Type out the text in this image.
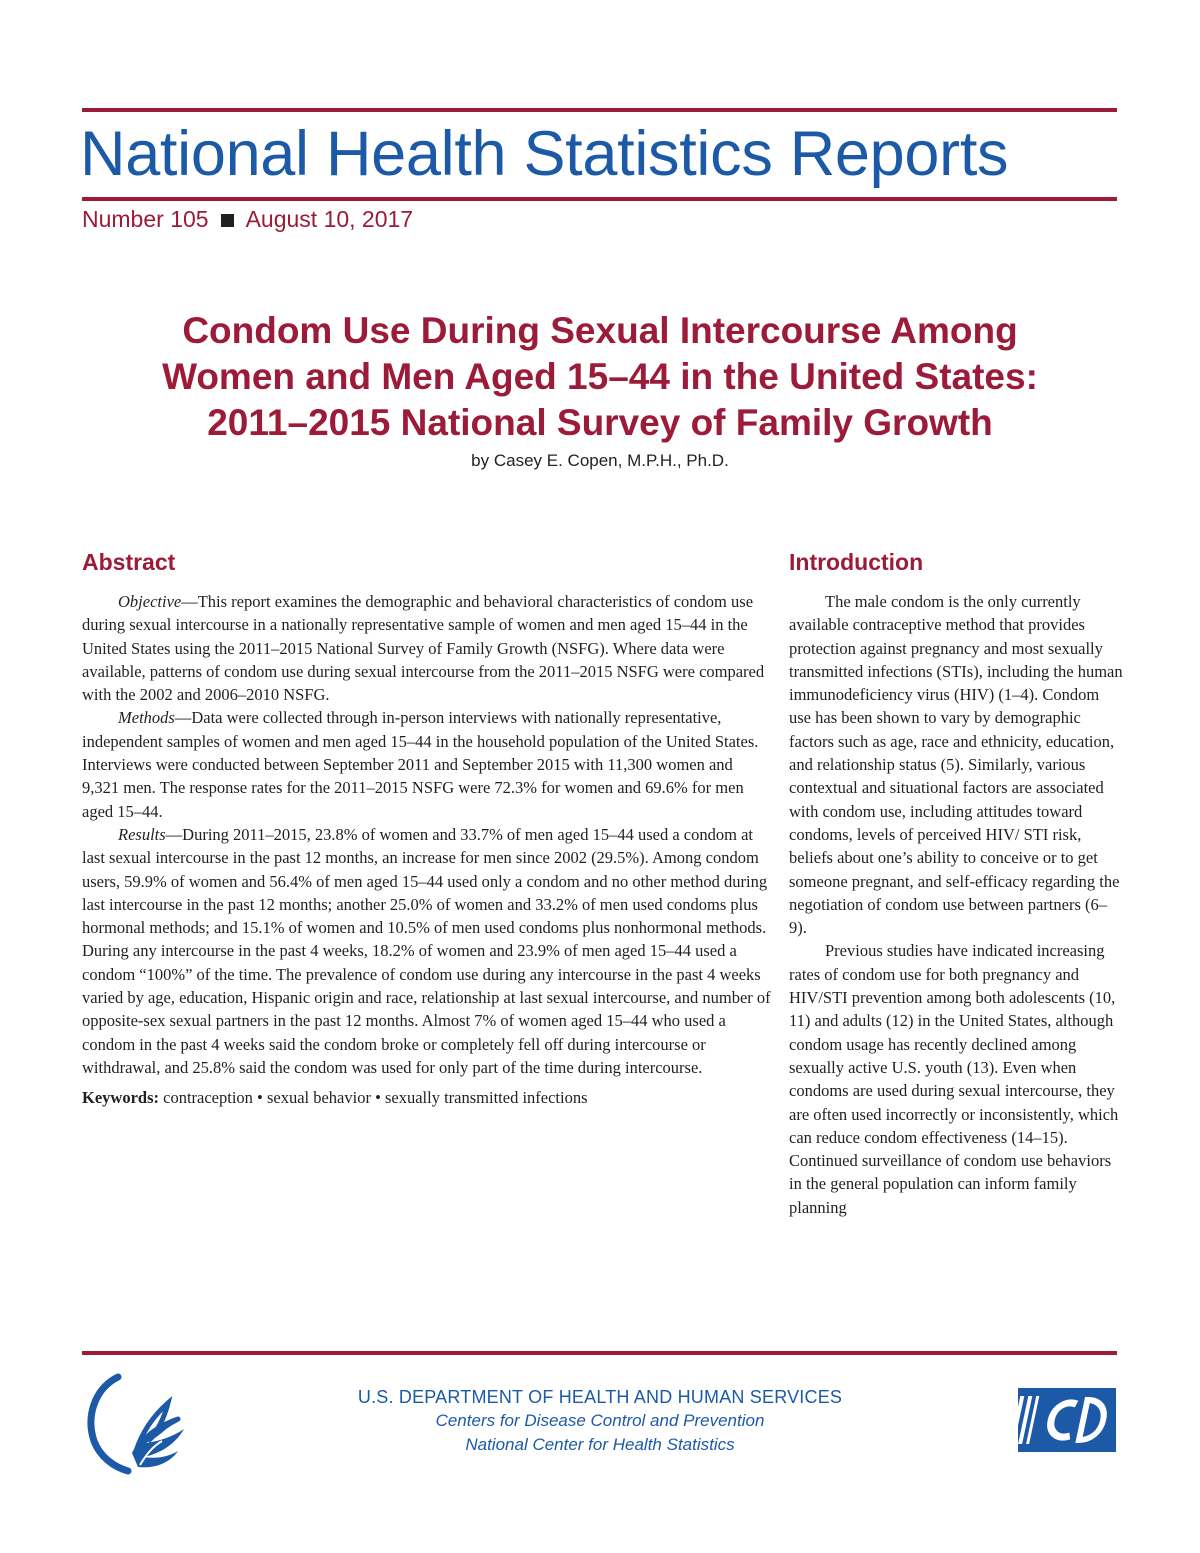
National Health Statistics Reports
Number 105 August 10, 2017
Condom Use During Sexual Intercourse Among
Women and Men Aged 15–44 in the United States:
2011–2015 National Survey of Family Growth
by Casey E. Copen, M.P.H., Ph.D.
Abstract

Objective—This report examines the demographic and behavioral characteristics of condom use during sexual intercourse in a nationally representative sample of women and men aged 15–44 in the United States using the 2011–2015 National Survey of Family Growth (NSFG). Where data were available, patterns of condom use during sexual intercourse from the 2011–2015 NSFG were compared with the 2002 and 2006–2010 NSFG.

Methods—Data were collected through in-person interviews with nationally representative, independent samples of women and men aged 15–44 in the household population of the United States. Interviews were conducted between September 2011 and September 2015 with 11,300 women and 9,321 men. The response rates for the 2011–2015 NSFG were 72.3% for women and 69.6% for men aged 15–44.

Results—During 2011–2015, 23.8% of women and 33.7% of men aged 15–44 used a condom at last sexual intercourse in the past 12 months, an increase for men since 2002 (29.5%). Among condom users, 59.9% of women and 56.4% of men aged 15–44 used only a condom and no other method during last intercourse in the past 12 months; another 25.0% of women and 33.2% of men used condoms plus hormonal methods; and 15.1% of women and 10.5% of men used condoms plus nonhormonal methods. During any intercourse in the past 4 weeks, 18.2% of women and 23.9% of men aged 15–44 used a condom “100%” of the time. The prevalence of condom use during any intercourse in the past 4 weeks varied by age, education, Hispanic origin and race, relationship at last sexual intercourse, and number of opposite-sex sexual partners in the past 12 months. Almost 7% of women aged 15–44 who used a condom in the past 4 weeks said the condom broke or completely fell off during intercourse or withdrawal, and 25.8% said the condom was used for only part of the time during intercourse.

Keywords: contraception • sexual behavior • sexually transmitted infections

Introduction

The male condom is the only currently available contraceptive method that provides protection against pregnancy and most sexually transmitted infections (STIs), including the human immunodeficiency virus (HIV) (1–4). Condom use has been shown to vary by demographic factors such as age, race and ethnicity, education, and relationship status (5). Similarly, various contextual and situational factors are associated with condom use, including attitudes toward condoms, levels of perceived HIV/ STI risk, beliefs about one’s ability to conceive or to get someone pregnant, and self-efficacy regarding the negotiation of condom use between partners (6–9).

Previous studies have indicated increasing rates of condom use for both pregnancy and HIV/STI prevention among both adolescents (10, 11) and adults (12) in the United States, although condom usage has recently declined among sexually active U.S. youth (13). Even when condoms are used during sexual intercourse, they are often used incorrectly or inconsistently, which can reduce condom effectiveness (14–15). Continued surveillance of condom use behaviors in the general population can inform family planning

U.S. DEPARTMENT OF HEALTH AND HUMAN SERVICES
Centers for Disease Control and Prevention
National Center for Health Statistics
